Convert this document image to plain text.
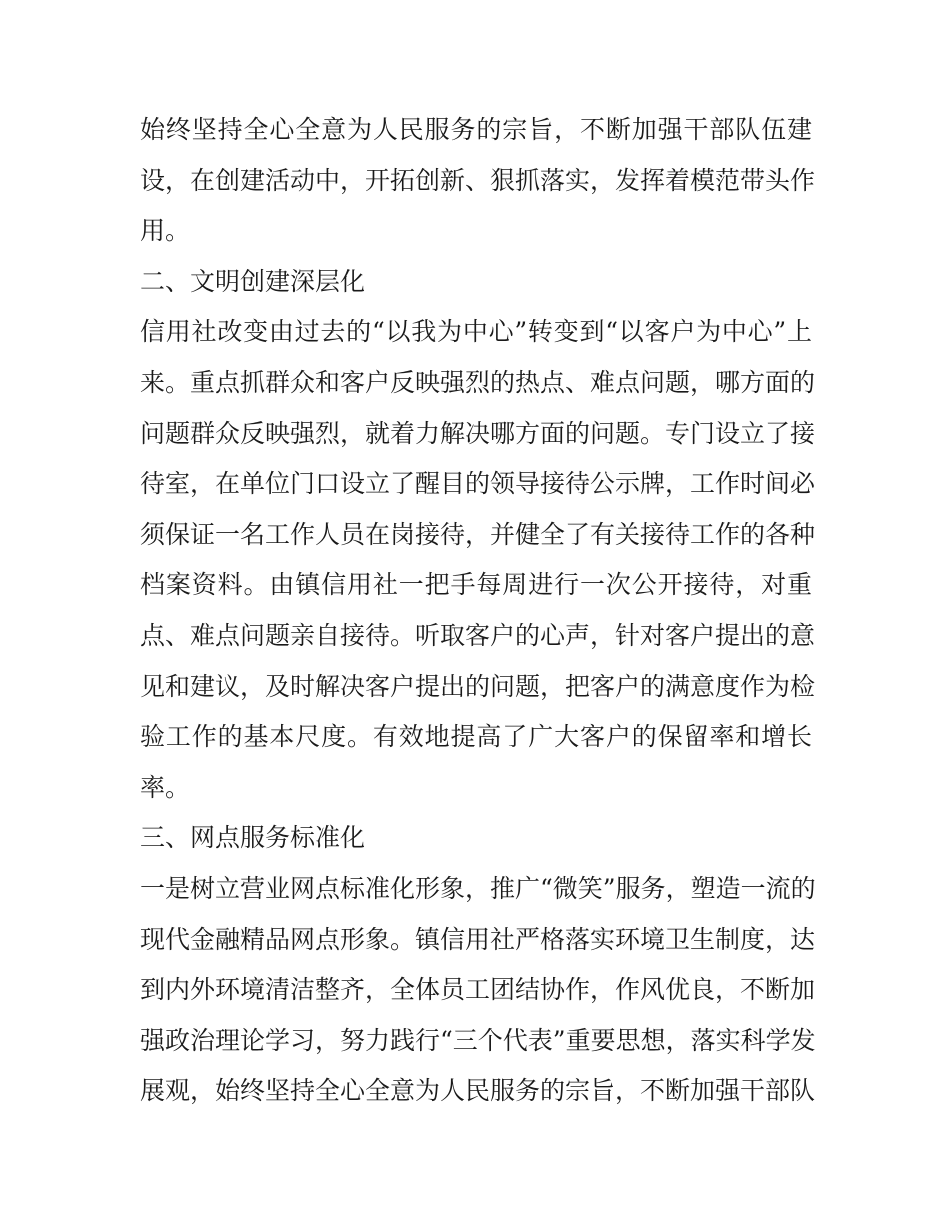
始终坚持全心全意为人民服务的宗旨，不断加强干部队伍建
设，在创建活动中，开拓创新、狠抓落实，发挥着模范带头作
用。
二、文明创建深层化
信用社改变由过去的“以我为中心”转变到“以客户为中心”上
来。重点抓群众和客户反映强烈的热点、难点问题，哪方面的
问题群众反映强烈，就着力解决哪方面的问题。专门设立了接
待室，在单位门口设立了醒目的领导接待公示牌，工作时间必
须保证一名工作人员在岗接待，并健全了有关接待工作的各种
档案资料。由镇信用社一把手每周进行一次公开接待，对重
点、难点问题亲自接待。听取客户的心声，针对客户提出的意
见和建议，及时解决客户提出的问题，把客户的满意度作为检
验工作的基本尺度。有效地提高了广大客户的保留率和增长
率。
三、网点服务标准化
一是树立营业网点标准化形象，推广“微笑”服务，塑造一流的
现代金融精品网点形象。镇信用社严格落实环境卫生制度，达
到内外环境清洁整齐，全体员工团结协作，作风优良，不断加
强政治理论学习，努力践行“三个代表”重要思想，落实科学发
展观，始终坚持全心全意为人民服务的宗旨，不断加强干部队
